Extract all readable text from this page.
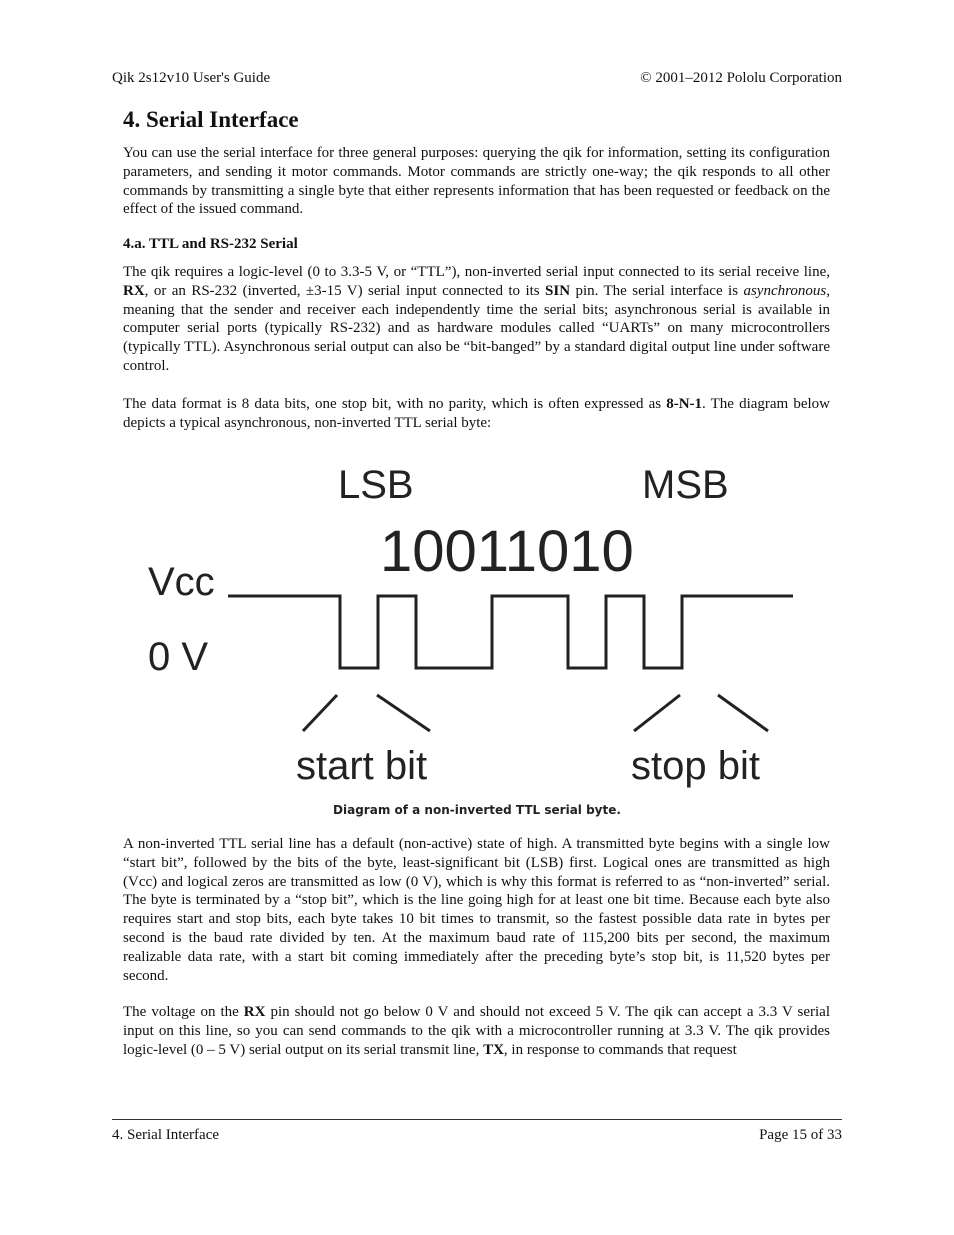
Qik 2s12v10 User's Guide	© 2001–2012 Pololu Corporation
4. Serial Interface

You can use the serial interface for three general purposes: querying the qik for information, setting its configuration parameters, and sending it motor commands. Motor commands are strictly one-way; the qik responds to all other commands by transmitting a single byte that either represents information that has been requested or feedback on the effect of the issued command.

4.a. TTL and RS-232 Serial

The qik requires a logic-level (0 to 3.3-5 V, or “TTL”), non-inverted serial input connected to its serial receive line, RX, or an RS-232 (inverted, ±3-15 V) serial input connected to its SIN pin. The serial interface is asynchronous, meaning that the sender and receiver each independently time the serial bits; asynchronous serial is available in computer serial ports (typically RS-232) and as hardware modules called “UARTs” on many microcontrollers (typically TTL). Asynchronous serial output can also be “bit-banged” by a standard digital output line under software control.

The data format is 8 data bits, one stop bit, with no parity, which is often expressed as 8-N-1. The diagram below depicts a typical asynchronous, non-inverted TTL serial byte:

LSB	MSB
10011010
Vcc
0 V
start bit	stop bit
Diagram of a non-inverted TTL serial byte.

A non-inverted TTL serial line has a default (non-active) state of high. A transmitted byte begins with a single low “start bit”, followed by the bits of the byte, least-significant bit (LSB) first. Logical ones are transmitted as high (Vcc) and logical zeros are transmitted as low (0 V), which is why this format is referred to as “non-inverted” serial. The byte is terminated by a “stop bit”, which is the line going high for at least one bit time. Because each byte also requires start and stop bits, each byte takes 10 bit times to transmit, so the fastest possible data rate in bytes per second is the baud rate divided by ten. At the maximum baud rate of 115,200 bits per second, the maximum realizable data rate, with a start bit coming immediately after the preceding byte’s stop bit, is 11,520 bytes per second.

The voltage on the RX pin should not go below 0 V and should not exceed 5 V. The qik can accept a 3.3 V serial input on this line, so you can send commands to the qik with a microcontroller running at 3.3 V. The qik provides logic-level (0 – 5 V) serial output on its serial transmit line, TX, in response to commands that request

4. Serial Interface	Page 15 of 33
